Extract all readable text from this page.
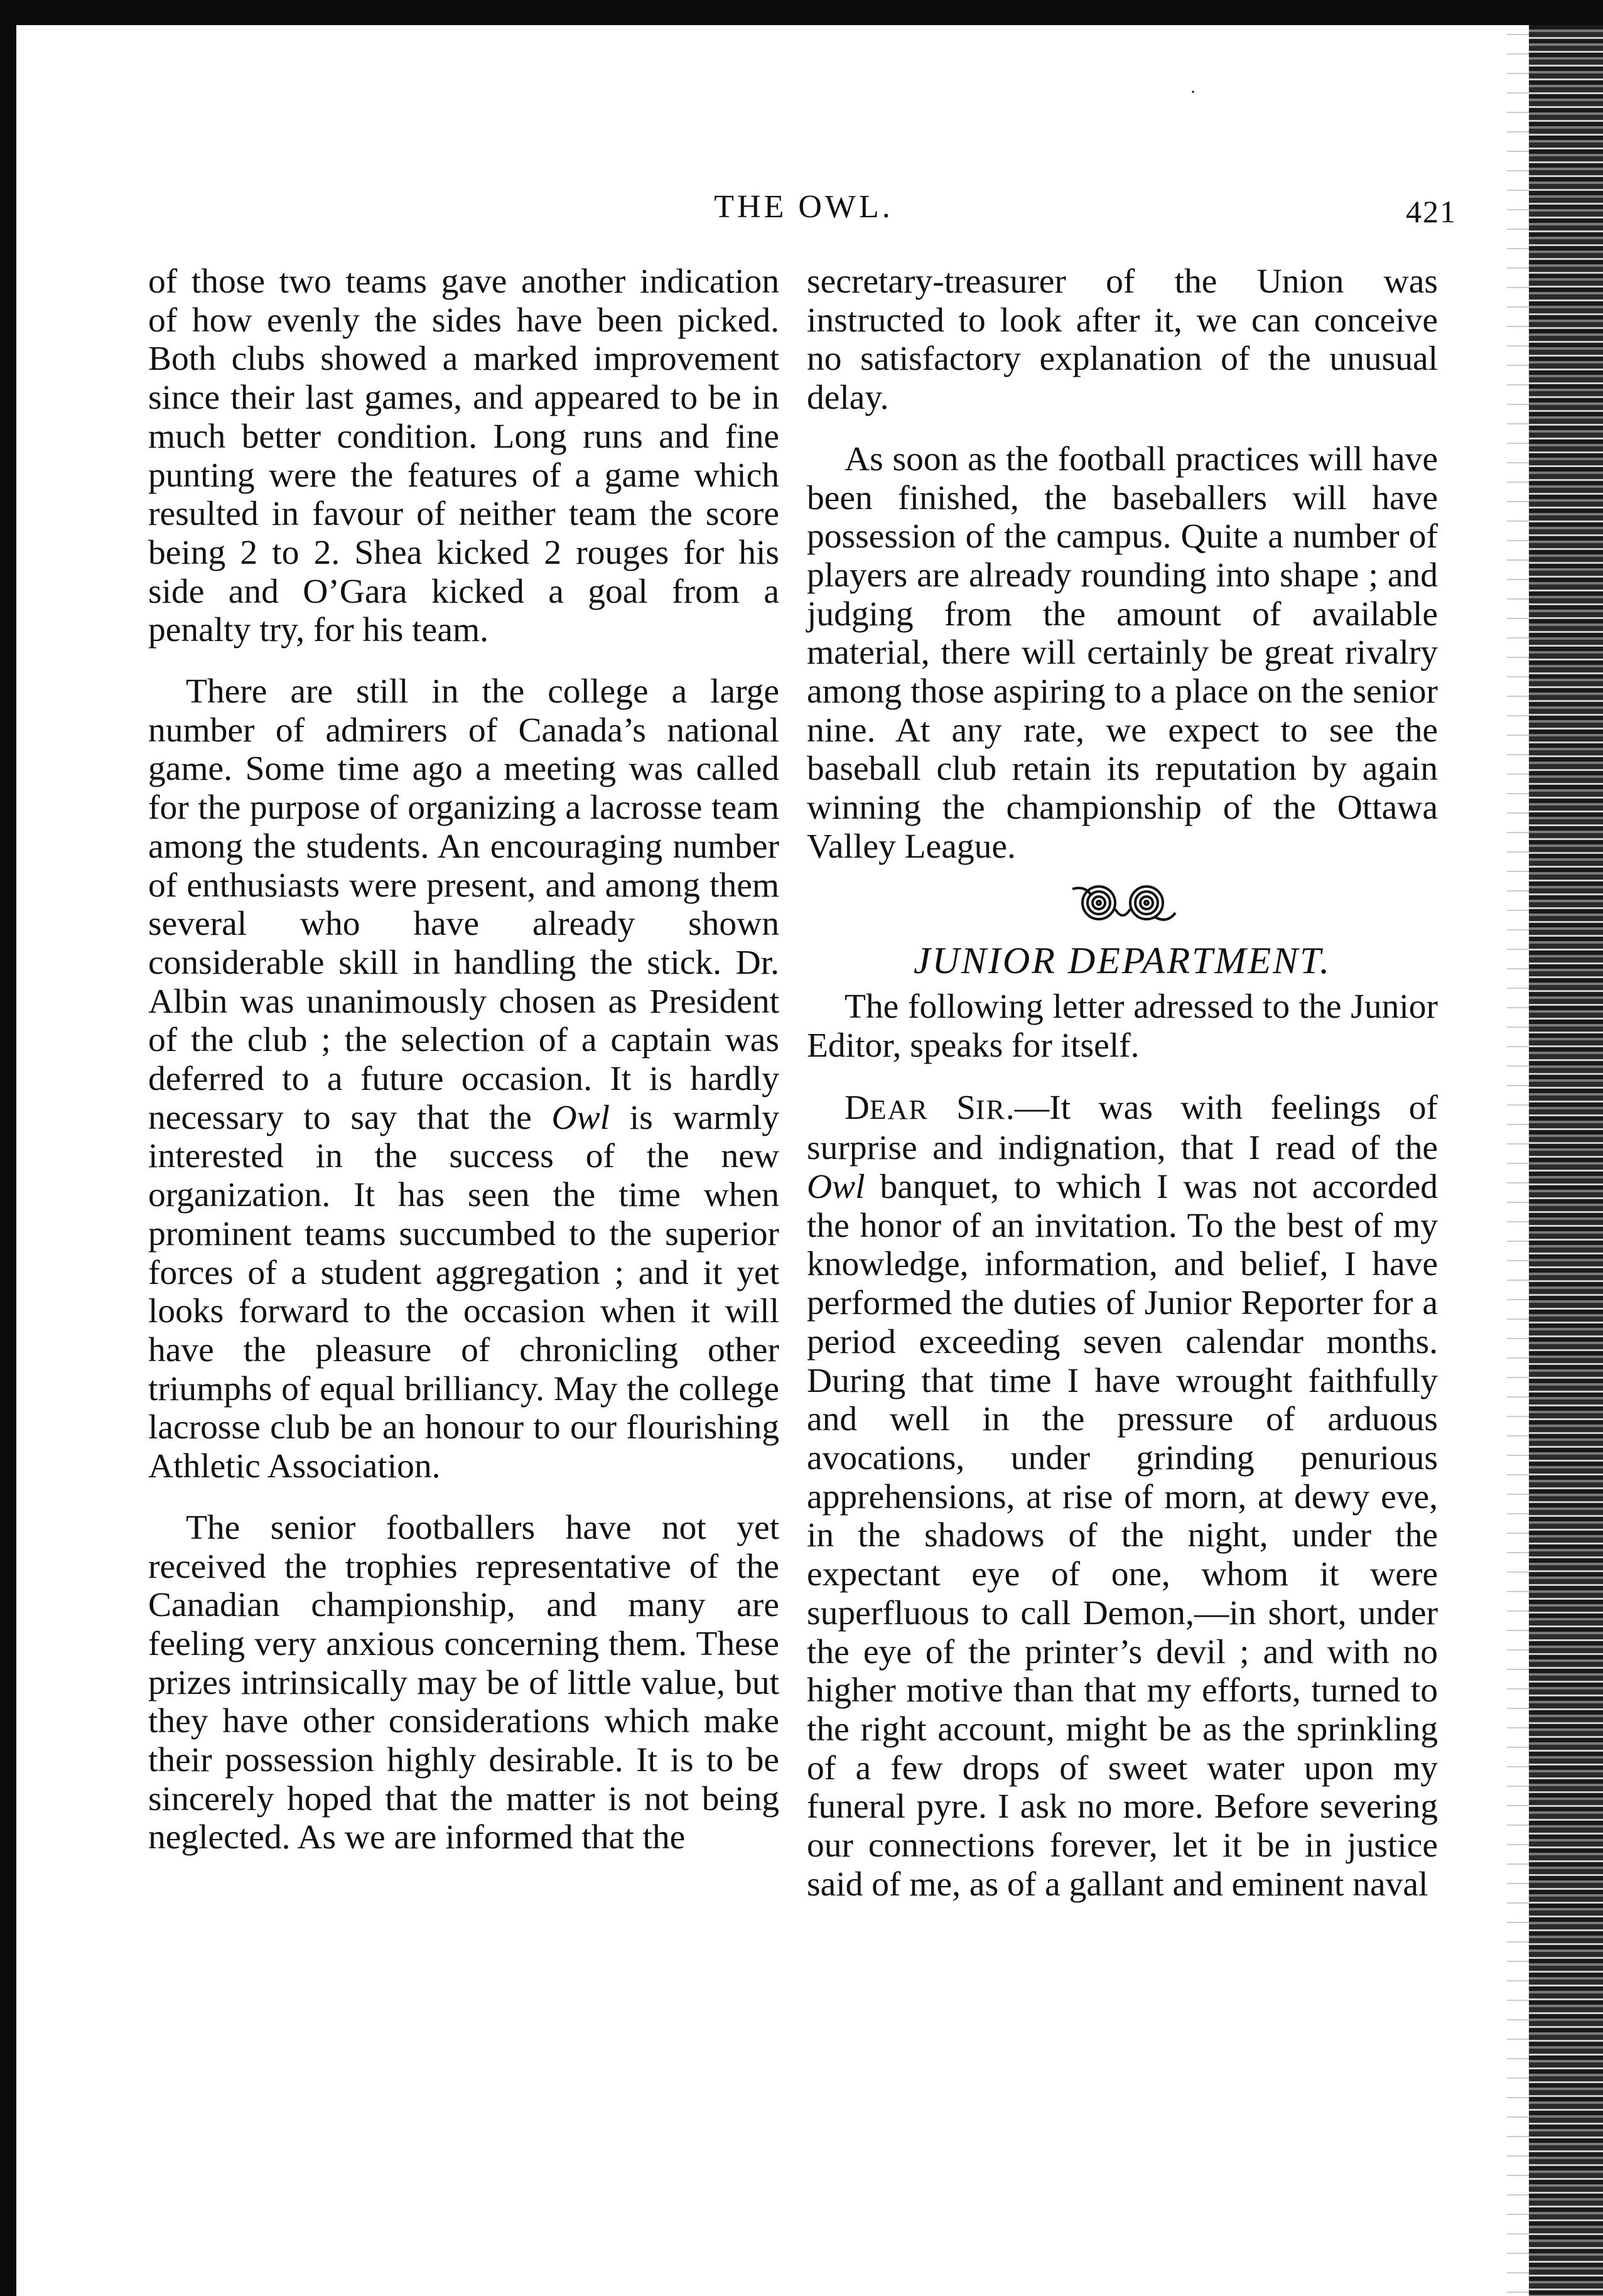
·
THE OWL.	421

of those two teams gave another indication of how evenly the sides have been picked. Both clubs showed a marked improvement since their last games, and appeared to be in much better condition. Long runs and fine punting were the features of a game which resulted in favour of neither team the score being 2 to 2. Shea kicked 2 rouges for his side and O’Gara kicked a goal from a penalty try, for his team.

There are still in the college a large number of admirers of Canada’s national game. Some time ago a meeting was called for the purpose of organizing a lacrosse team among the students. An encouraging number of enthusiasts were present, and among them several who have already shown considerable skill in handling the stick. Dr. Albin was unanimously chosen as President of the club ; the selection of a captain was deferred to a future occasion. It is hardly necessary to say that the Owl is warmly interested in the success of the new organization. It has seen the time when prominent teams succumbed to the superior forces of a student aggregation ; and it yet looks forward to the occasion when it will have the pleasure of chronicling other triumphs of equal brilliancy. May the college lacrosse club be an honour to our flourishing Athletic Association.

The senior footballers have not yet received the trophies representative of the Canadian championship, and many are feeling very anxious concerning them. These prizes intrinsically may be of little value, but they have other considerations which make their possession highly desirable. It is to be sincerely hoped that the matter is not being neglected. As we are informed that the

secretary-treasurer of the Union was instructed to look after it, we can conceive no satisfactory explanation of the unusual delay.

As soon as the football practices will have been finished, the baseballers will have possession of the campus. Quite a number of players are already rounding into shape ; and judging from the amount of available material, there will certainly be great rivalry among those aspiring to a place on the senior nine. At any rate, we expect to see the baseball club retain its reputation by again winning the championship of the Ottawa Valley League.

JUNIOR DEPARTMENT.

The following letter adressed to the Junior Editor, speaks for itself.

DEAR SIR.—It was with feelings of surprise and indignation, that I read of the Owl banquet, to which I was not accorded the honor of an invitation. To the best of my knowledge, information, and belief, I have performed the duties of Junior Reporter for a period exceeding seven calendar months. During that time I have wrought faithfully and well in the pressure of arduous avocations, under grinding penurious apprehensions, at rise of morn, at dewy eve, in the shadows of the night, under the expectant eye of one, whom it were superfluous to call Demon,—in short, under the eye of the printer’s devil ; and with no higher motive than that my efforts, turned to the right account, might be as the sprinkling of a few drops of sweet water upon my funeral pyre. I ask no more. Before severing our connections forever, let it be in justice said of me, as of a gallant and eminent naval
